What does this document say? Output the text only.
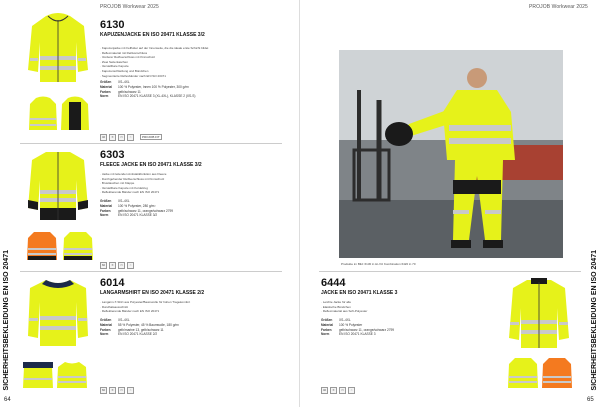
PROJOB Workwear 2025
SICHERHEITSBEKLEIDUNG EN ISO 20471
64
6130
KAPUZENJACKE EN ISO 20471 KLASSE 3/2
· Kapuzenjacke mit Fellfutter auf der Innenseite, die die ideale erste Schicht bildet
· Reflexmaterial mit Reißverschluss
· Vorderer Reißverschluss mit Kinnschutz
· Zwei Seitentaschen
· Verstellbare Kapuze
· Kapuzenschließung und Bündchen
· Segmentierte Reflexbänder nach EN ISO 20471
Größen XS–4XL
Material 100 % Polyester, Innen 100 % Polyester, 300 g/m²
Farben gelb/schwarz 11
Norm	EN ISO 20471 KLASSE 3 (XL-4XL), KLASSE 2 (XS-S)
40	✕	▭	○	PROJOB FIT
6303
FLEECE JACKE EN ISO 20471 KLASSE 3/2
· Jacke mit leitenden Antistatikfunktion aus Fleece
· Durchgehender Reißverschluss mit Kinnschutz
· Brusttaschen mit Klappe
· Verstellbare Kapuze mit Kordelzug
· Reflektierende Bänder nach EN ISO 20471
Größen XS–4XL
Material 100 % Polyester, 280 g/m²
Farben gelb/schwarz 11, orange/schwarz 2799
Norm	EN ISO 20471 KLASSE 3/2
60	✕	▭	○
6014
LANGARMSHIRT EN ISO 20471 KLASSE 2/2
· Langarm-T-Shirt aus Polyester/Baumwolle für hohen Tragekomfort
· Rundhalsausschnitt
· Reflektierende Bänder nach EN ISO 20471
Größen XS–4XL
Material 55 % Polyester, 45 % Baumwolle, 180 g/m²
Farben gelb/marine 13, gelb/schwarz 11
Norm	EN ISO 20471 KLASSE 2/2
60	✕	▭	○
PROJOB Workwear 2025
SICHERHEITSBEKLEIDUNG EN ISO 20471
65
Produkte im Bild: 6130 in Hi-Viz Kombination 6420 in 70
6444
JACKE EN ISO 20471 KLASSE 3
· Leichte Jacke für alle
· Elastische Bündchen
· Reflexmaterial aus Soft-Polyester
Größen XS–4XL
Material 100 % Polyester
Farben gelb/schwarz 11, orange/schwarz 2799
Norm	EN ISO 20471 KLASSE 3
40	✕	▭	○
